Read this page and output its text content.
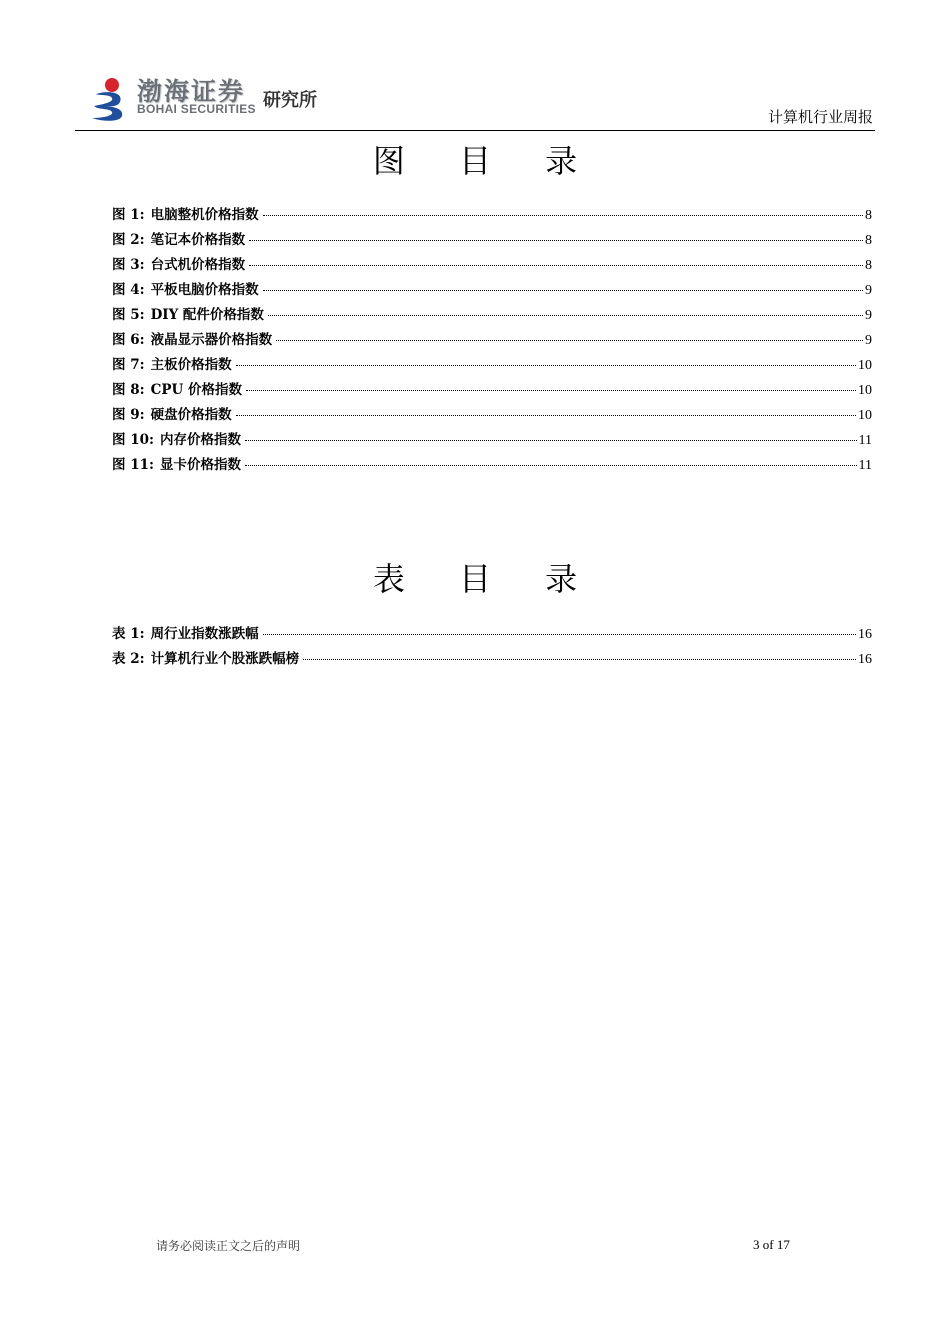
渤海证券
BOHAI SECURITIES 研究所
计算机行业周报
图 目 录
图 1: 电脑整机价格指数	8
图 2: 笔记本价格指数	8
图 3: 台式机价格指数	8
图 4: 平板电脑价格指数	9
图 5: DIY 配件价格指数	9
图 6: 液晶显示器价格指数	9
图 7: 主板价格指数	10
图 8: CPU 价格指数	10
图 9: 硬盘价格指数	10
图 10: 内存价格指数	11
图 11: 显卡价格指数	11
表 目 录
表 1: 周行业指数涨跌幅	16
表 2: 计算机行业个股涨跌幅榜	16
请务必阅读正文之后的声明	3 of 17
